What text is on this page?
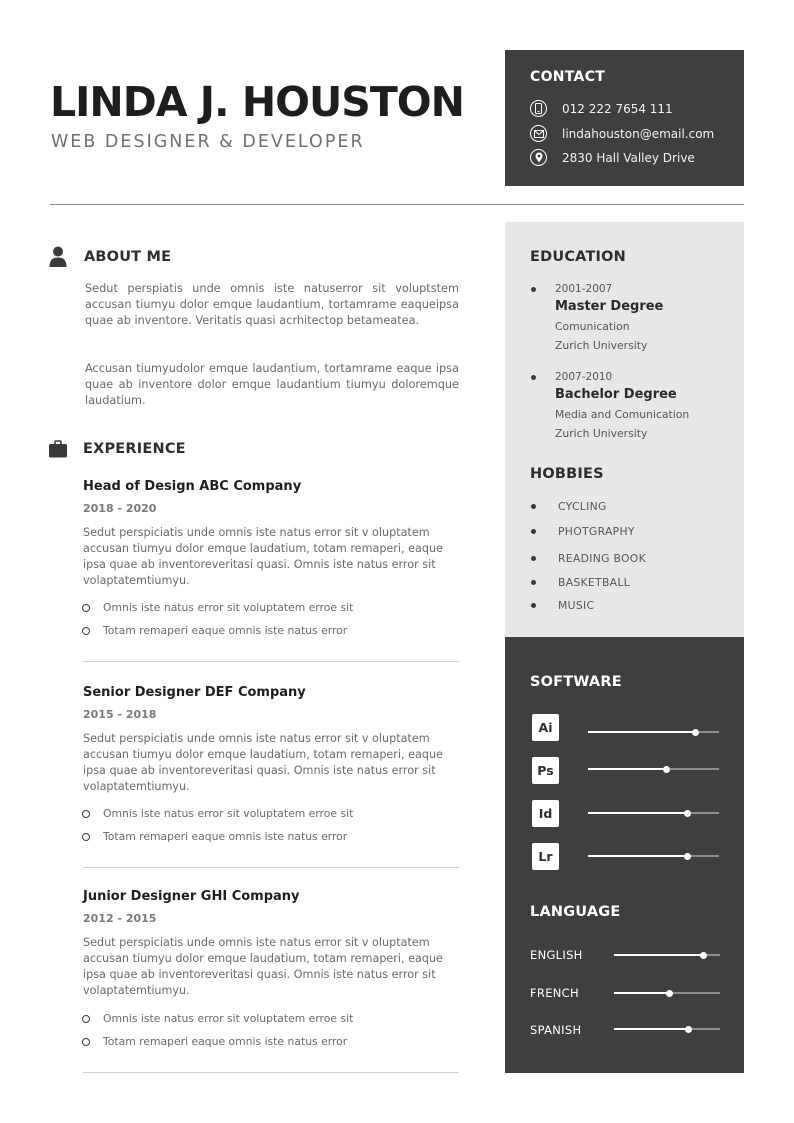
LINDA J. HOUSTON
WEB DESIGNER & DEVELOPER
CONTACT
012 222 7654 111
lindahouston@email.com
2830 Hall Valley Drive
ABOUT ME
Sedut perspiatis unde omnis iste natuserror sit voluptstem accusan tiumyu dolor emque laudantium, tortamrame eaqueipsa quae ab inventore. Veritatis quasi acrhitectop betameatea.
Accusan tiumyudolor emque laudantium, tortamrame eaque ipsa quae ab inventore dolor emque laudantium tiumyu doloremque laudatium.
EXPERIENCE
Head of Design ABC Company
2018 - 2020
Sedut perspiciatis unde omnis iste natus error sit v oluptatem accusan tiumyu dolor emque laudatium, totam remaperi, eaque ipsa quae ab inventoreveritasi quasi. Omnis iste natus error sit volaptatemtiumyu.
Omnis iste natus error sit voluptatem erroe sit
Totam remaperi eaque omnis iste natus error
Senior Designer DEF Company
2015 - 2018
Sedut perspiciatis unde omnis iste natus error sit v oluptatem accusan tiumyu dolor emque laudatium, totam remaperi, eaque ipsa quae ab inventoreveritasi quasi. Omnis iste natus error sit volaptatemtiumyu.
Omnis iste natus error sit voluptatem erroe sit
Totam remaperi eaque omnis iste natus error
Junior Designer GHI Company
2012 - 2015
Sedut perspiciatis unde omnis iste natus error sit v oluptatem accusan tiumyu dolor emque laudatium, totam remaperi, eaque ipsa quae ab inventoreveritasi quasi. Omnis iste natus error sit volaptatemtiumyu.
Omnis iste natus error sit voluptatem erroe sit
Totam remaperi eaque omnis iste natus error
EDUCATION
2001-2007
Master Degree
Comunication
Zurich University
2007-2010
Bachelor Degree
Media and Comunication
Zurich University
HOBBIES
CYCLING
PHOTGRAPHY
READING BOOK
BASKETBALL
MUSIC
SOFTWARE
Ai
Ps
Id
Lr
LANGUAGE
ENGLISH
FRENCH
SPANISH
